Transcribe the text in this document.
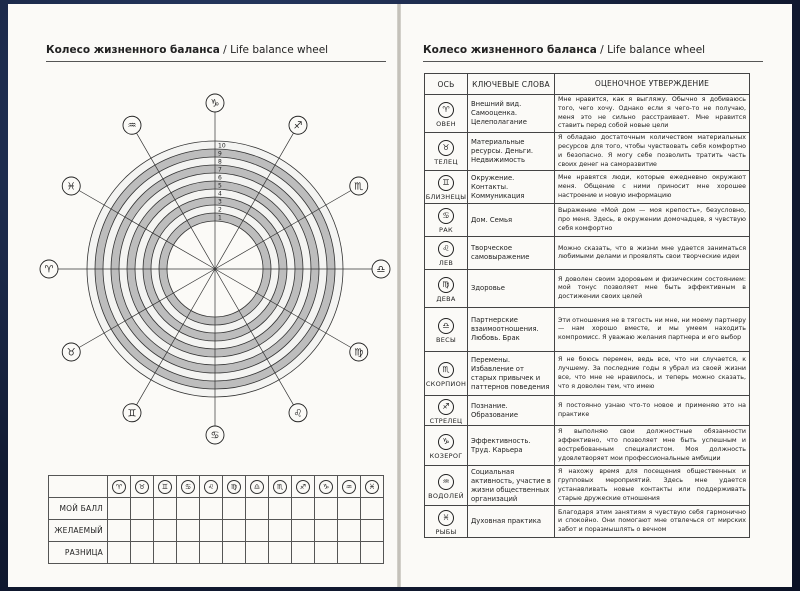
Колесо жизненного баланса / Life balance wheel	Колесо жизненного баланса / Life balance wheel
1
2
3
4
5
6
7
8
9
10
♑
♐
♏
♎
♍
♌
♋
♊
♉
♈
♓
♒
	♈	♉	♊	♋	♌	♍	♎	♏	♐	♑	♒	♓
МОЙ БАЛЛ												
ЖЕЛАЕМЫЙ												
РАЗНИЦА												
ОСЬ	КЛЮЧЕВЫЕ СЛОВА	ОЦЕНОЧНОЕ УТВЕРЖДЕНИЕ

♈
ОВЕН	Внешний вид. Самооценка. Целеполагание	Мне нравится, как я выгляжу. Обычно я добиваюсь того, чего хочу. Однако если я чего-то не получаю, меня это не сильно расстраивает. Мне нравится ставить перед собой новые цели

♉
ТЕЛЕЦ	Материальные ресурсы. Деньги. Недвижимость	Я обладаю достаточным количеством материальных ресурсов для того, чтобы чувствовать себя комфортно и безопасно. Я могу себе позволить тратить часть своих денег на саморазвитие

♊
БЛИЗНЕЦЫ	Окружение. Контакты. Коммуникация	Мне нравятся люди, которые ежедневно окружают меня. Общение с ними приносит мне хорошее настроение и новую информацию

♋
РАК	Дом. Семья	Выражение «Мой дом — моя крепость», безусловно, про меня. Здесь, в окружении домочадцев, я чувствую себя комфортно

♌
ЛЕВ	Творческое самовыражение	Можно сказать, что в жизни мне удается заниматься любимыми делами и проявлять свои творческие идеи

♍
ДЕВА	Здоровье	Я доволен своим здоровьем и физическим состоянием: мой тонус позволяет мне быть эффективным в достижении своих целей

♎
ВЕСЫ	Партнерские взаимоотношения. Любовь. Брак	Эти отношения не в тягость ни мне, ни моему партнеру — нам хорошо вместе, и мы умеем находить компромисс. Я уважаю желания партнера и его выбор

♏
СКОРПИОН	Перемены. Избавление от старых привычек и паттернов поведения	Я не боюсь перемен, ведь все, что ни случается, к лучшему. За последние годы я убрал из своей жизни все, что мне не нравилось, и теперь можно сказать, что я доволен тем, что имею

♐
СТРЕЛЕЦ	Познание. Образование	Я постоянно узнаю что-то новое и применяю это на практике

♑
КОЗЕРОГ	Эффективность. Труд. Карьера	Я выполняю свои должностные обязанности эффективно, что позволяет мне быть успешным и востребованным специалистом. Моя должность удовлетворяет мои профессиональные амбиции

♒
ВОДОЛЕЙ	Социальная активность, участие в жизни общественных организаций	Я нахожу время для посещения общественных и групповых мероприятий. Здесь мне удается устанавливать новые контакты или поддерживать старые дружеские отношения

♓
РЫБЫ	Духовная практика	Благодаря этим занятиям я чувствую себя гармонично и спокойно. Они помогают мне отвлечься от мирских забот и поразмышлять о вечном
